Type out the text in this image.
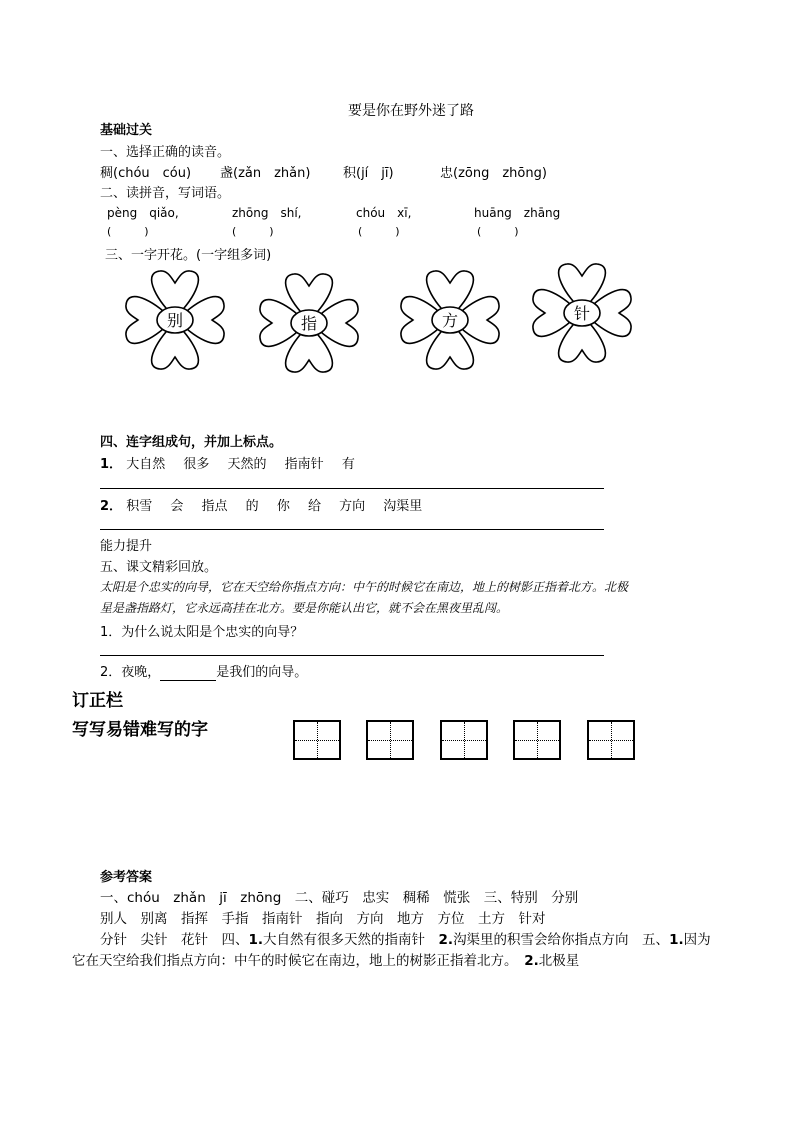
要是你在野外迷了路
基础过关
一、选择正确的读音。
稠(chóu　cóu) 盏(zǎn　zhǎn)	积(jí　jī)	忠(zōng　zhōng)
二、读拼音，写词语。
pèng　qiǎo,	zhōng　shí,	chóu　xī,	huāng　zhāng
(　　　)	(　　　)	(　　　)	(　　　)
三、一字开花。(一字组多词)
别	指	方	针
四、连字组成句，并加上标点。
1． 大自然 很多 天然的 指南针 有
2． 积雪 会 指点 的 你 给 方向 沟渠里
能力提升
五、课文精彩回放。
太阳是个忠实的向导，它在天空给你指点方向：中午的时候它在南边，地上的树影正指着北方。北极
星是盏指路灯，它永远高挂在北方。要是你能认出它，就不会在黑夜里乱闯。
1．为什么说太阳是个忠实的向导？
2．夜晚，	是我们的向导。
订正栏
写写易错难写的字
参考答案
一、chóu　zhǎn　jī　zhōng　二、碰巧　忠实　稠稀　慌张　三、特别　分别
别人　别离　指挥　手指　指南针　指向　方向　地方　方位　土方　针对
分针　尖针　花针　四、1.大自然有很多天然的指南针　2.沟渠里的积雪会给你指点方向　五、1.因为
它在天空给我们指点方向：中午的时候它在南边，地上的树影正指着北方。　2.北极星
